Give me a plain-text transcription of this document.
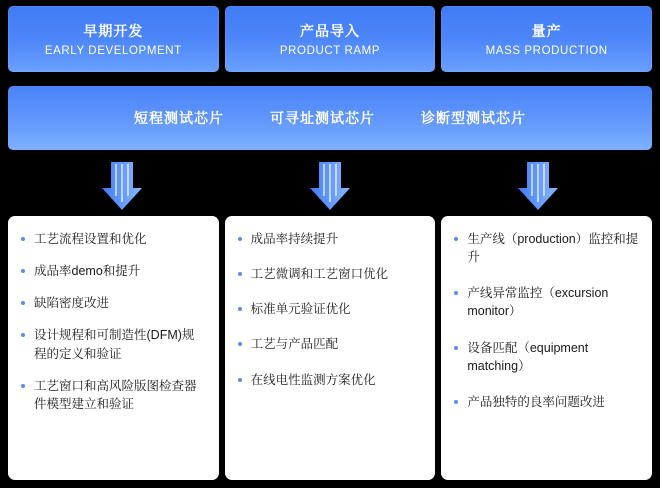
早期开发
EARLY DEVELOPMENT
产品导入
PRODUCT RAMP
量产
MASS PRODUCTION
短程测试芯片	可寻址测试芯片	诊断型测试芯片
工艺流程设置和优化
成品率demo和提升
缺陷密度改进
设计规程和可制造性(DFM)规程的定义和验证
工艺窗口和高风险版图检查器件模型建立和验证
成品率持续提升
工艺微调和工艺窗口优化
标准单元验证优化
工艺与产品匹配
在线电性监测方案优化
生产线（production）监控和提升
产线异常监控（excursion monitor）
设备匹配（equipment matching）
产品独特的良率问题改进
